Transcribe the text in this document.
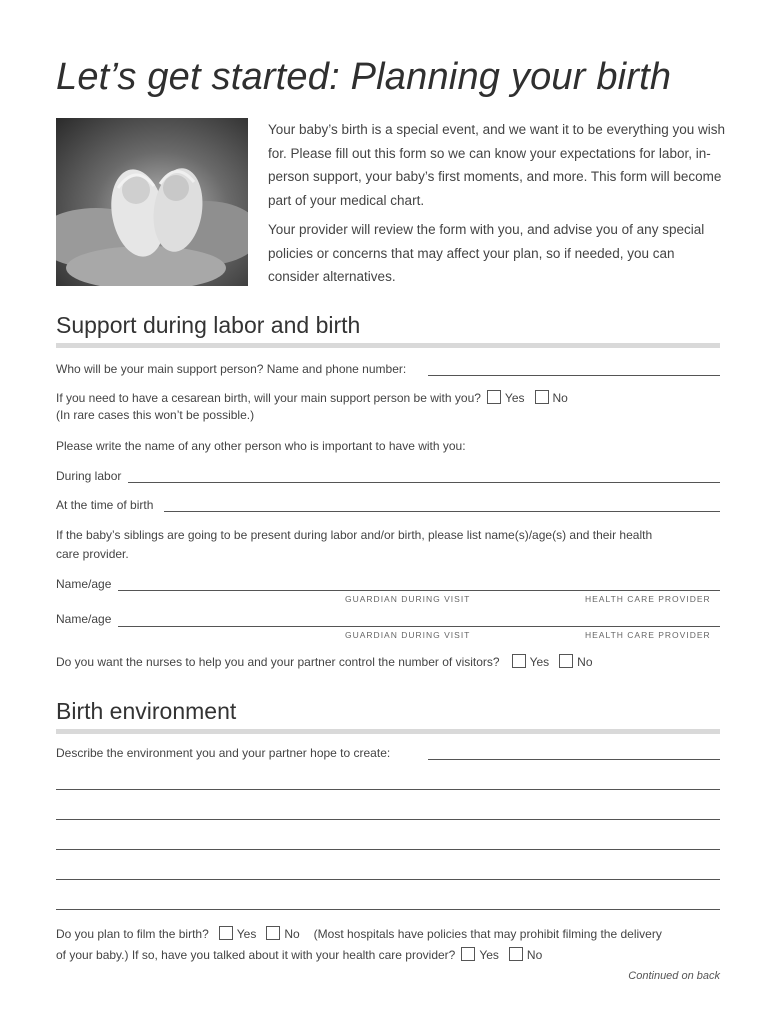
Let’s get started: Planning your birth

Your baby’s birth is a special event, and we want it to be everything you wish for. Please fill out this form so we can know your expectations for labor, in-person support, your baby’s first moments, and more. This form will become part of your medical chart.

Your provider will review the form with you, and advise you of any special policies or concerns that may affect your plan, so if needed, you can consider alternatives.

Support during labor and birth
Who will be your main support person? Name and phone number:
If you need to have a cesarean birth, will your main support person be with you? Yes No
(In rare cases this won’t be possible.)
Please write the name of any other person who is important to have with you:
During labor
At the time of birth
If the baby’s siblings are going to be present during labor and/or birth, please list name(s)/age(s) and their health
care provider.
Name/age
GUARDIAN DURING VISIT	HEALTH CARE PROVIDER
Name/age
GUARDIAN DURING VISIT	HEALTH CARE PROVIDER
Do you want the nurses to help you and your partner control the number of visitors?	Yes No
Birth environment
Describe the environment you and your partner hope to create:
Do you plan to film the birth? Yes No (Most hospitals have policies that may prohibit filming the delivery
of your baby.) If so, have you talked about it with your health care provider? Yes No
Continued on back
